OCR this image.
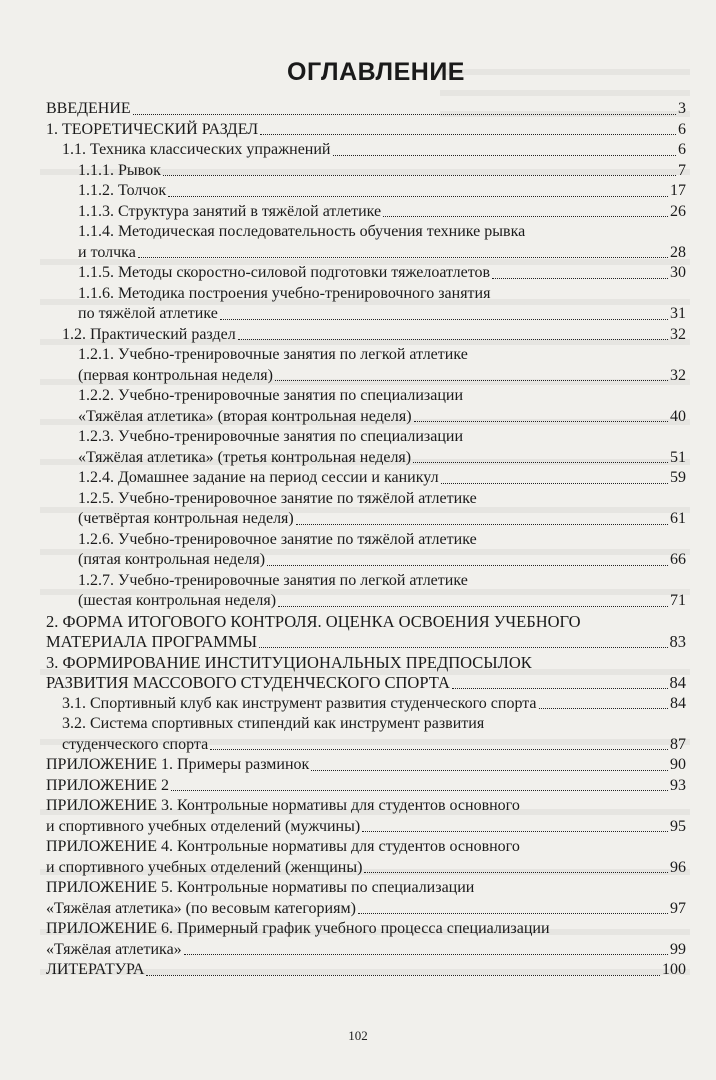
ОГЛАВЛЕНИЕ
ВВЕДЕНИЕ	3
1. ТЕОРЕТИЧЕСКИЙ РАЗДЕЛ	6
1.1. Техника классических упражнений	6
1.1.1. Рывок	7
1.1.2. Толчок	17
1.1.3. Структура занятий в тяжёлой атлетике	26
1.1.4. Методическая последовательность обучения технике рывка
и толчка	28
1.1.5. Методы скоростно-силовой подготовки тяжелоатлетов	30
1.1.6. Методика построения учебно-тренировочного занятия
по тяжёлой атлетике	31
1.2. Практический раздел	32
1.2.1. Учебно-тренировочные занятия по легкой атлетике
(первая контрольная неделя)	32
1.2.2. Учебно-тренировочные занятия по специализации
«Тяжёлая атлетика» (вторая контрольная неделя)	40
1.2.3. Учебно-тренировочные занятия по специализации
«Тяжёлая атлетика» (третья контрольная неделя)	51
1.2.4. Домашнее задание на период сессии и каникул	59
1.2.5. Учебно-тренировочное занятие по тяжёлой атлетике
(четвёртая контрольная неделя)	61
1.2.6. Учебно-тренировочное занятие по тяжёлой атлетике
(пятая контрольная неделя)	66
1.2.7. Учебно-тренировочные занятия по легкой атлетике
(шестая контрольная неделя)	71
2. ФОРМА ИТОГОВОГО КОНТРОЛЯ. ОЦЕНКА ОСВОЕНИЯ УЧЕБНОГО
МАТЕРИАЛА ПРОГРАММЫ	83
3. ФОРМИРОВАНИЕ ИНСТИТУЦИОНАЛЬНЫХ ПРЕДПОСЫЛОК
РАЗВИТИЯ МАССОВОГО СТУДЕНЧЕСКОГО СПОРТА	84
3.1. Спортивный клуб как инструмент развития студенческого спорта	84
3.2. Система спортивных стипендий как инструмент развития
студенческого спорта	87
ПРИЛОЖЕНИЕ 1. Примеры разминок	90
ПРИЛОЖЕНИЕ 2	93
ПРИЛОЖЕНИЕ 3. Контрольные нормативы для студентов основного
и спортивного учебных отделений (мужчины)	95
ПРИЛОЖЕНИЕ 4. Контрольные нормативы для студентов основного
и спортивного учебных отделений (женщины)	96
ПРИЛОЖЕНИЕ 5. Контрольные нормативы по специализации
«Тяжёлая атлетика» (по весовым категориям)	97
ПРИЛОЖЕНИЕ 6. Примерный график учебного процесса специализации
«Тяжёлая атлетика»	99
ЛИТЕРАТУРА	100
102
